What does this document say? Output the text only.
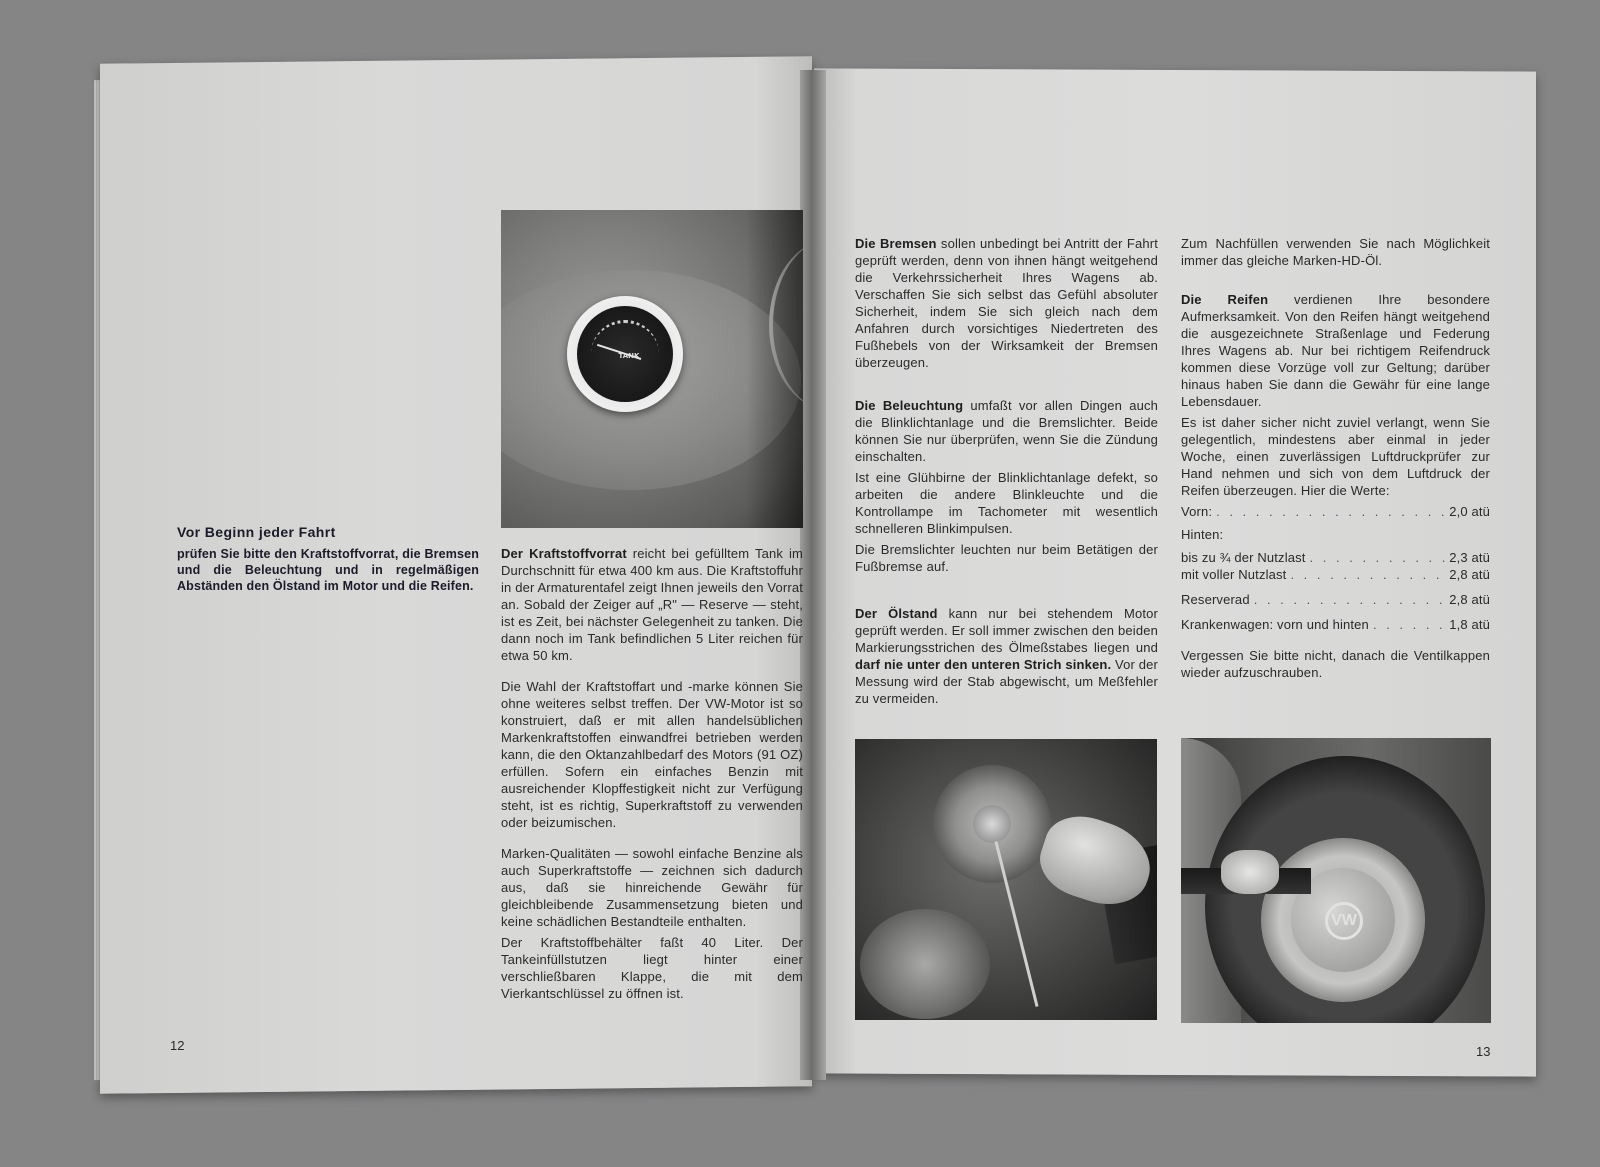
TANK
Vor Beginn jeder Fahrt
prüfen Sie bitte den Kraftstoffvorrat, die Bremsen und die Beleuchtung und in regelmäßigen Abständen den Ölstand im Motor und die Reifen.

Der Kraftstoffvorrat reicht bei gefülltem Tank im Durchschnitt für etwa 400 km aus. Die Kraftstoffuhr in der Armaturentafel zeigt Ihnen jeweils den Vorrat an. Sobald der Zeiger auf „R" — Reserve — steht, ist es Zeit, bei nächster Gelegenheit zu tanken. Die dann noch im Tank befindlichen 5 Liter reichen für etwa 50 km.

Die Wahl der Kraftstoffart und -marke können Sie ohne weiteres selbst treffen. Der VW-Motor ist so konstruiert, daß er mit allen handelsüblichen Markenkraftstoffen einwandfrei betrieben werden kann, die den Oktanzahlbedarf des Motors (91 OZ) erfüllen. Sofern ein einfaches Benzin mit ausreichender Klopffestigkeit nicht zur Verfügung steht, ist es richtig, Superkraftstoff zu verwenden oder beizumischen.

Marken-Qualitäten — sowohl einfache Benzine als auch Superkraftstoffe — zeichnen sich dadurch aus, daß sie hinreichende Gewähr für gleichbleibende Zusammensetzung bieten und keine schädlichen Bestandteile enthalten.

Der Kraftstoffbehälter faßt 40 Liter. Der Tankeinfüllstutzen liegt hinter einer verschließbaren Klappe, die mit dem Vierkantschlüssel zu öffnen ist.

12

Die Bremsen sollen unbedingt bei Antritt der Fahrt geprüft werden, denn von ihnen hängt weitgehend die Verkehrssicherheit Ihres Wagens ab. Verschaffen Sie sich selbst das Gefühl absoluter Sicherheit, indem Sie sich gleich nach dem Anfahren durch vorsichtiges Niedertreten des Fußhebels von der Wirksamkeit der Bremsen überzeugen.

Die Beleuchtung umfaßt vor allen Dingen auch die Blinklichtanlage und die Bremslichter. Beide können Sie nur überprüfen, wenn Sie die Zündung einschalten.

Ist eine Glühbirne der Blinklichtanlage defekt, so arbeiten die andere Blinkleuchte und die Kontrollampe im Tachometer mit wesentlich schnelleren Blinkimpulsen.

Die Bremslichter leuchten nur beim Betätigen der Fußbremse auf.

Der Ölstand kann nur bei stehendem Motor geprüft werden. Er soll immer zwischen den beiden Markierungsstrichen des Ölmeßstabes liegen und darf nie unter den unteren Strich sinken. Vor der Messung wird der Stab abgewischt, um Meßfehler zu vermeiden.

Zum Nachfüllen verwenden Sie nach Möglichkeit immer das gleiche Marken-HD-Öl.

Die Reifen verdienen Ihre besondere Aufmerksamkeit. Von den Reifen hängt weitgehend die ausgezeichnete Straßenlage und Federung Ihres Wagens ab. Nur bei richtigem Reifendruck kommen diese Vorzüge voll zur Geltung; darüber hinaus haben Sie dann die Gewähr für eine lange Lebensdauer.

Es ist daher sicher nicht zuviel verlangt, wenn Sie gelegentlich, mindestens aber einmal in jeder Woche, einen zuverlässigen Luftdruckprüfer zur Hand nehmen und sich von dem Luftdruck der Reifen überzeugen. Hier die Werte:

Vorn: . . .	2,0 atü
Hinten:
bis zu ¾ der Nutzlast . . .	2,3 atü
mit voller Nutzlast . . .	2,8 atü
Reserverad . . .	2,8 atü
Krankenwagen: vorn und hinten . . .	1,8 atü

Vergessen Sie bitte nicht, danach die Ventilkappen wieder aufzuschrauben.

VW
13
